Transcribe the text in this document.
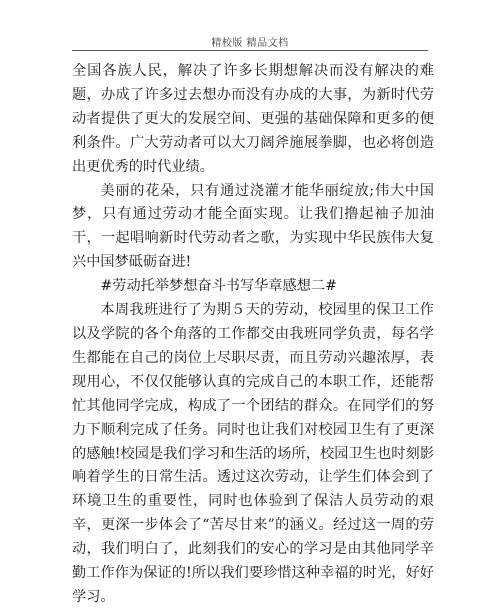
精校版 精品文档

全国各族人民，解决了许多长期想解决而没有解决的难题，办成了许多过去想办而没有办成的大事，为新时代劳动者提供了更大的发展空间、更强的基础保障和更多的便利条件。广大劳动者可以大刀阔斧施展拳脚，也必将创造出更优秀的时代业绩。

美丽的花朵，只有通过浇灌才能华丽绽放;伟大中国梦，只有通过劳动才能全面实现。让我们撸起袖子加油干，一起唱响新时代劳动者之歌，为实现中华民族伟大复兴中国梦砥砺奋进!

#劳动托举梦想奋斗书写华章感想二#

本周我班进行了为期５天的劳动，校园里的保卫工作以及学院的各个角落的工作都交由我班同学负责，每名学生都能在自己的岗位上尽职尽责，而且劳动兴趣浓厚，表现用心，不仅仅能够认真的完成自己的本职工作，还能帮忙其他同学完成，构成了一个团结的群众。在同学们的努力下顺利完成了任务。同时也让我们对校园卫生有了更深的感触!校园是我们学习和生活的场所，校园卫生也时刻影响着学生的日常生活。透过这次劳动，让学生们体会到了环境卫生的重要性，同时也体验到了保洁人员劳动的艰辛，更深一步体会了“苦尽甘来”的涵义。经过这一周的劳动，我们明白了，此刻我们的安心的学习是由其他同学辛勤工作作为保证的!所以我们要珍惜这种幸福的时光，好好学习。
